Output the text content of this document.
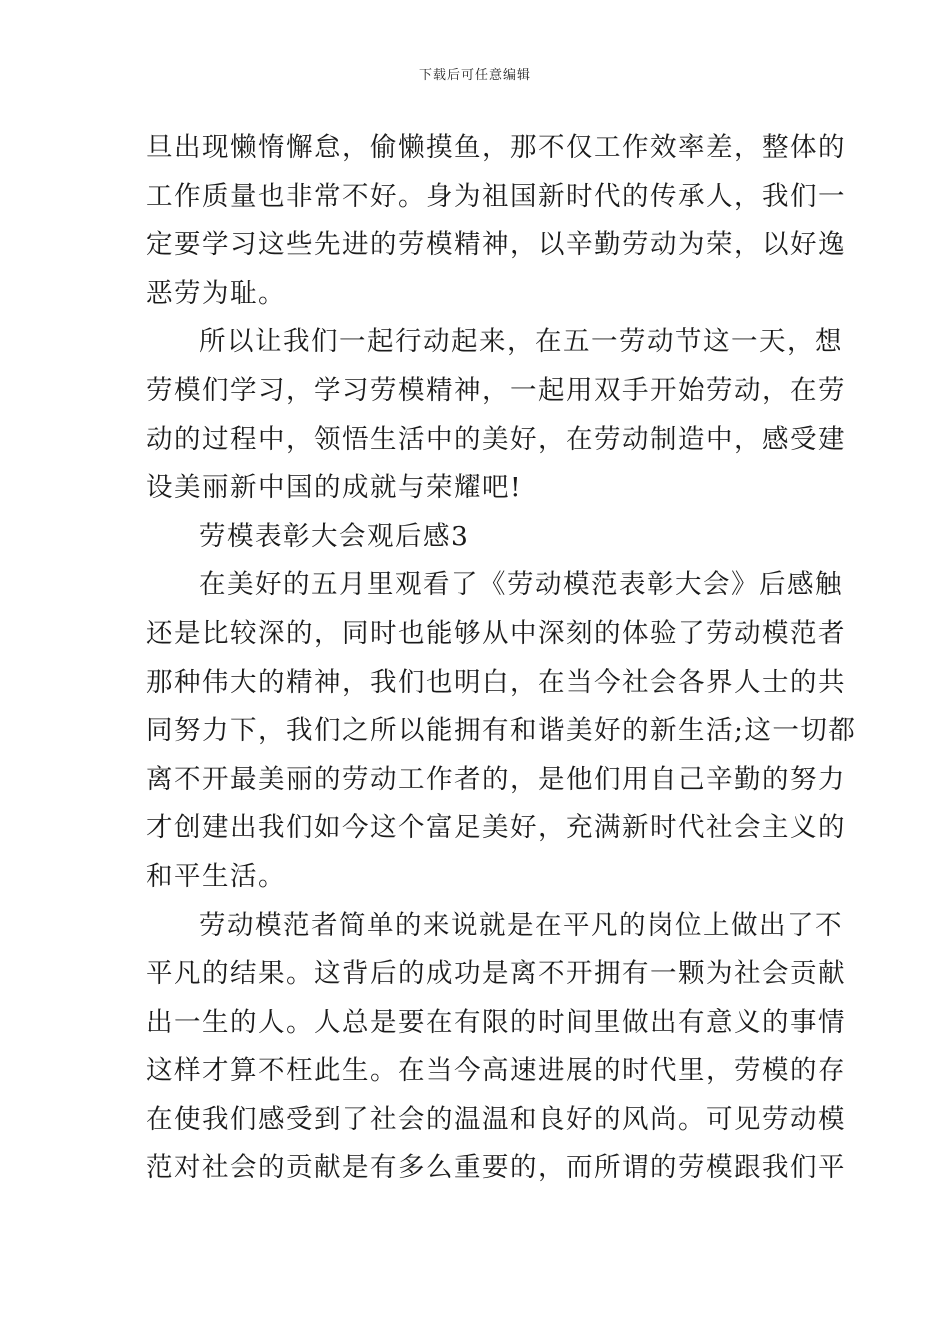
下载后可任意编辑
旦出现懒惰懈怠，偷懒摸鱼，那不仅工作效率差，整体的
工作质量也非常不好。身为祖国新时代的传承人，我们一
定要学习这些先进的劳模精神，以辛勤劳动为荣，以好逸
恶劳为耻。
所以让我们一起行动起来，在五一劳动节这一天，想
劳模们学习，学习劳模精神，一起用双手开始劳动，在劳
动的过程中，领悟生活中的美好，在劳动制造中，感受建
设美丽新中国的成就与荣耀吧!
劳模表彰大会观后感3
在美好的五月里观看了《劳动模范表彰大会》后感触
还是比较深的，同时也能够从中深刻的体验了劳动模范者
那种伟大的精神，我们也明白，在当今社会各界人士的共
同努力下，我们之所以能拥有和谐美好的新生活;这一切都
离不开最美丽的劳动工作者的，是他们用自己辛勤的努力
才创建出我们如今这个富足美好，充满新时代社会主义的
和平生活。
劳动模范者简单的来说就是在平凡的岗位上做出了不
平凡的结果。这背后的成功是离不开拥有一颗为社会贡献
出一生的人。人总是要在有限的时间里做出有意义的事情
这样才算不枉此生。在当今高速进展的时代里，劳模的存
在使我们感受到了社会的温温和良好的风尚。可见劳动模
范对社会的贡献是有多么重要的，而所谓的劳模跟我们平
